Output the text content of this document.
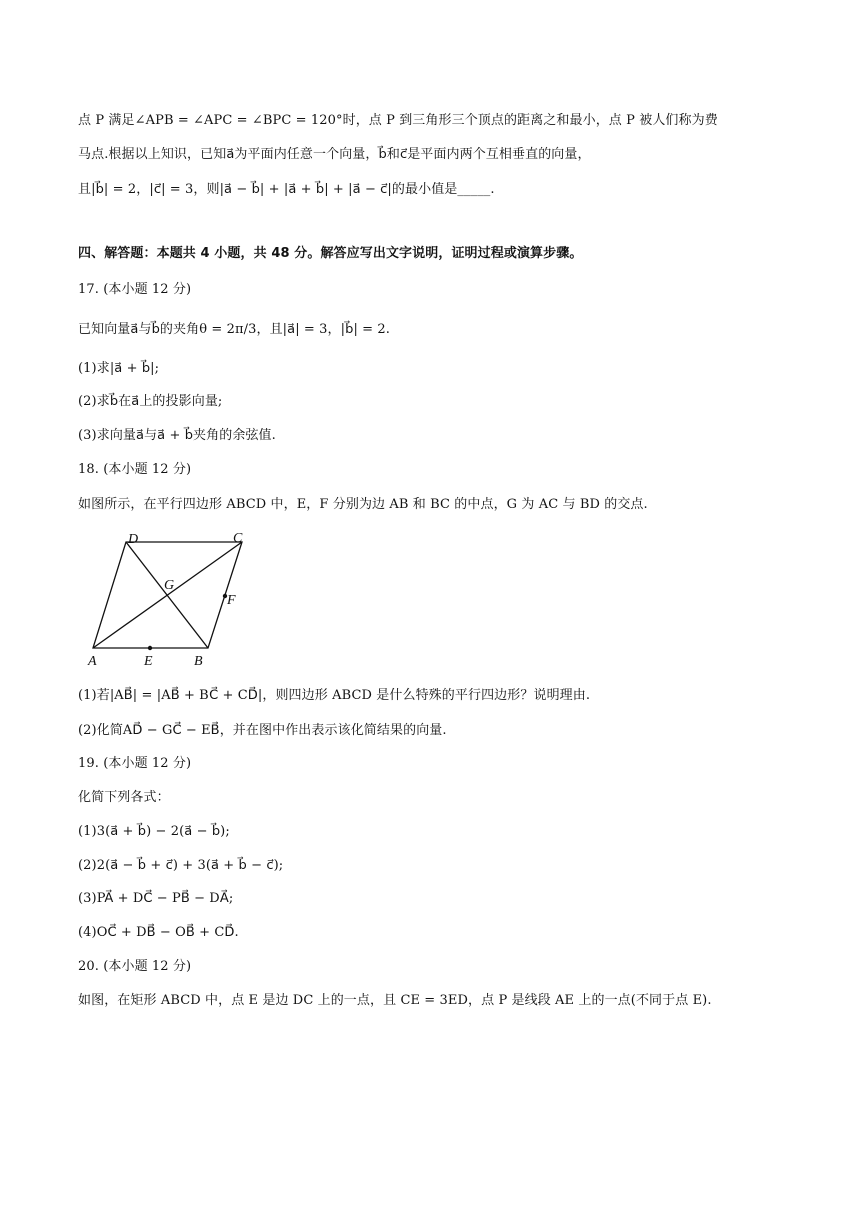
点 P 满足∠APB = ∠APC = ∠BPC = 120°时，点 P 到三角形三个顶点的距离之和最小，点 P 被人们称为费
马点.根据以上知识，已知a⃗为平面内任意一个向量，b⃗和c⃗是平面内两个互相垂直的向量，
且|b⃗| = 2，|c⃗| = 3，则|a⃗ − b⃗| + |a⃗ + b⃗| + |a⃗ − c⃗|的最小值是_____.
四、解答题：本题共 4 小题，共 48 分。解答应写出文字说明，证明过程或演算步骤。
17. (本小题 12 分)
已知向量a⃗与b⃗的夹角θ = 2π/3，且|a⃗| = 3，|b⃗| = 2.
(1)求|a⃗ + b⃗|;
(2)求b⃗在a⃗上的投影向量;
(3)求向量a⃗与a⃗ + b⃗夹角的余弦值.
18. (本小题 12 分)
如图所示，在平行四边形 ABCD 中，E，F 分别为边 AB 和 BC 的中点，G 为 AC 与 BD 的交点.
D	C
G
F
A	E	B
(1)若|AB⃗| = |AB⃗ + BC⃗ + CD⃗|，则四边形 ABCD 是什么特殊的平行四边形？说明理由.
(2)化简AD⃗ − GC⃗ − EB⃗，并在图中作出表示该化简结果的向量.
19. (本小题 12 分)
化简下列各式：
(1)3(a⃗ + b⃗) − 2(a⃗ − b⃗);
(2)2(a⃗ − b⃗ + c⃗) + 3(a⃗ + b⃗ − c⃗);
(3)PA⃗ + DC⃗ − PB⃗ − DA⃗;
(4)OC⃗ + DB⃗ − OB⃗ + CD⃗.
20. (本小题 12 分)
如图，在矩形 ABCD 中，点 E 是边 DC 上的一点，且 CE = 3ED，点 P 是线段 AE 上的一点(不同于点 E).
